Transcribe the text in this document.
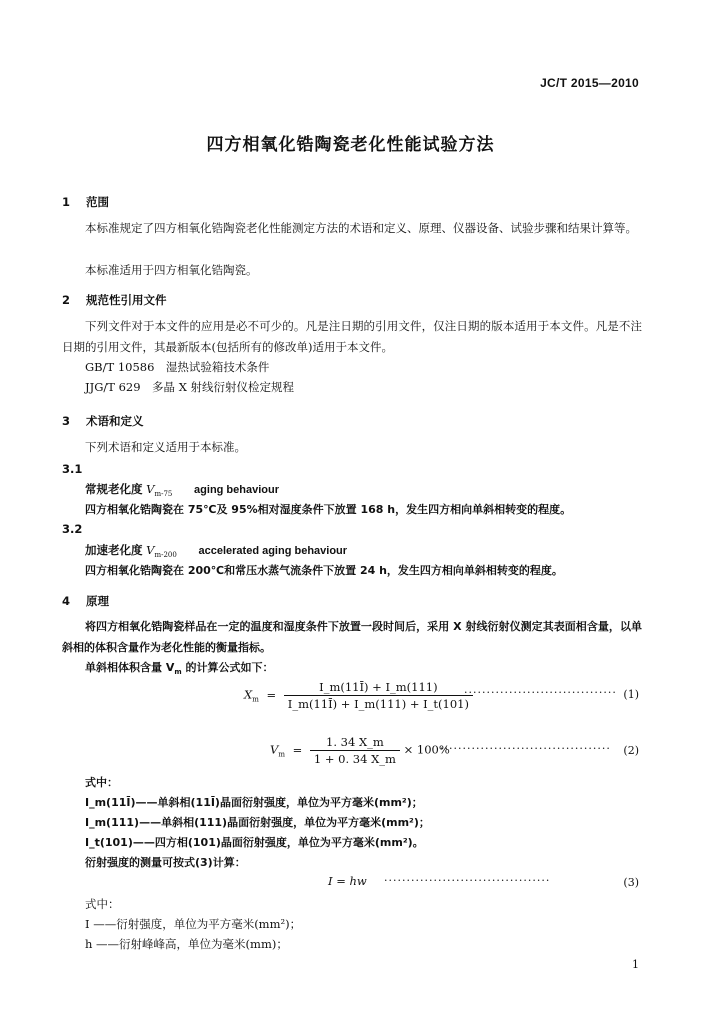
JC/T 2015—2010
四方相氧化锆陶瓷老化性能试验方法
1 范围
本标准规定了四方相氧化锆陶瓷老化性能测定方法的术语和定义、原理、仪器设备、试验步骤和结果计算等。
本标准适用于四方相氧化锆陶瓷。
2 规范性引用文件
下列文件对于本文件的应用是必不可少的。凡是注日期的引用文件，仅注日期的版本适用于本文件。凡是不注日期的引用文件，其最新版本(包括所有的修改单)适用于本文件。
GB/T 10586　湿热试验箱技术条件
JJG/T 629　多晶 X 射线衍射仪检定规程
3 术语和定义
下列术语和定义适用于本标准。
3.1
常规老化度 $V_{m-75}$ aging behaviour
四方相氧化锆陶瓷在 75℃及 95%相对湿度条件下放置 168 h，发生四方相向单斜相转变的程度。
3.2
加速老化度 $V_{m-200}$ accelerated aging behaviour
四方相氧化锆陶瓷在 200℃和常压水蒸气流条件下放置 24 h，发生四方相向单斜相转变的程度。
4 原理
将四方相氧化锆陶瓷样品在一定的温度和湿度条件下放置一段时间后，采用 X 射线衍射仪测定其表面相含量，以单斜相的体积含量作为老化性能的衡量指标。
单斜相体积含量 $V_m$ 的计算公式如下：
$X_m = \frac{I\_m(11Ī) + I\_m(111)}{I\_m(11Ī) + I\_m(111) + I\_t(101)}$
·································· (1)
$V_m = \frac{1. 34 X\_m}{1 + 0. 34 X\_m} \times 100\%$
······································ (2)
式中：
I_m(11Ī)——单斜相(11Ī)晶面衍射强度，单位为平方毫米(mm²)；
I_m(111)——单斜相(111)晶面衍射强度，单位为平方毫米(mm²)；
I_t(101)——四方相(101)晶面衍射强度，单位为平方毫米(mm²)。
衍射强度的测量可按式(3)计算：
I = hw ·····································	(3)
式中：
I ——衍射强度，单位为平方毫米(mm²)；
h ——衍射峰峰高，单位为毫米(mm)；
1
